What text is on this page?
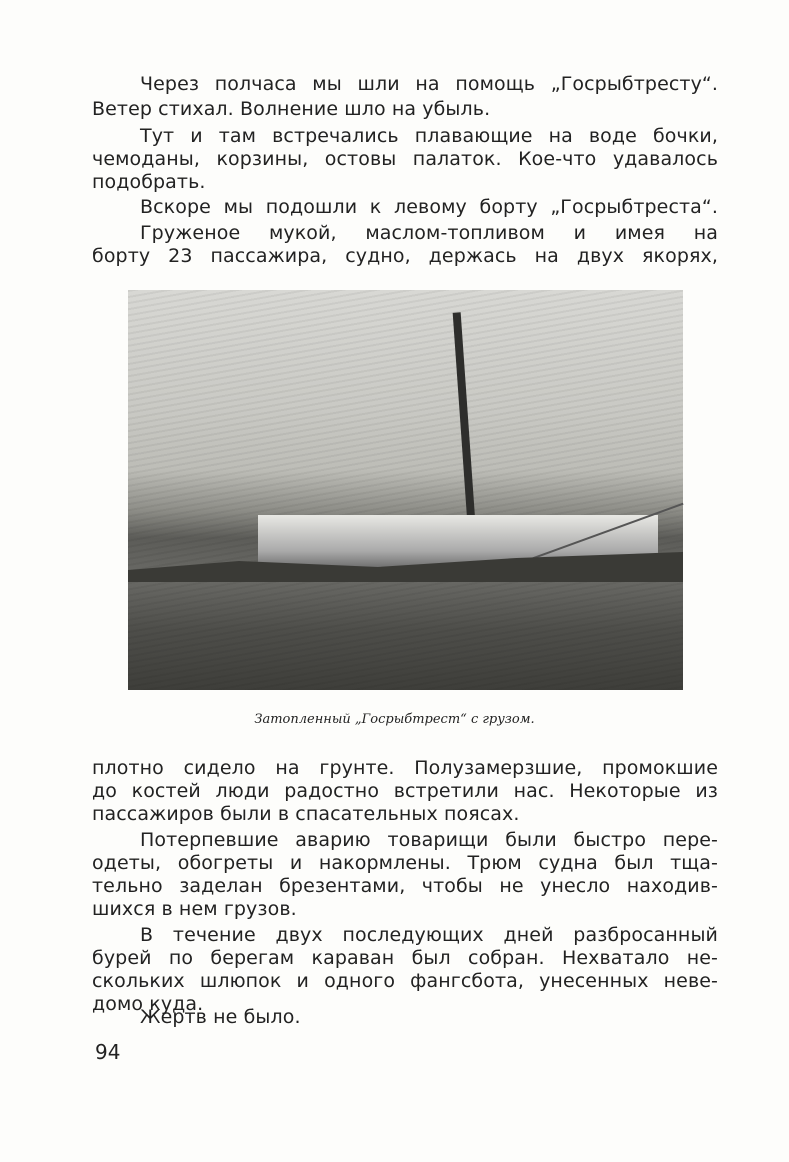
Через полчаса мы шли на помощь „Госрыбтресту“.
Ветер стихал. Волнение шло на убыль.
Тут и там встречались плавающие на воде бочки,
чемоданы, корзины, остовы палаток. Кое-что удавалось
подобрать.
Вскоре мы подошли к левому борту „Госрыбтреста“.
Груженое мукой, маслом-топливом и имея на
борту 23 пассажира, судно, держась на двух якорях,
Затопленный „Госрыбтрест“ с грузом.
плотно сидело на грунте. Полузамерзшие, промокшие
до костей люди радостно встретили нас. Некоторые из
пассажиров были в спасательных поясах.
Потерпевшие аварию товарищи были быстро пере-
одеты, обогреты и накормлены. Трюм судна был тща-
тельно заделан брезентами, чтобы не унесло находив-
шихся в нем грузов.
В течение двух последующих дней разбросанный
бурей по берегам караван был собран. Нехватало не-
скольких шлюпок и одного фангсбота, унесенных неве-
домо куда.
Жертв не было.
94
